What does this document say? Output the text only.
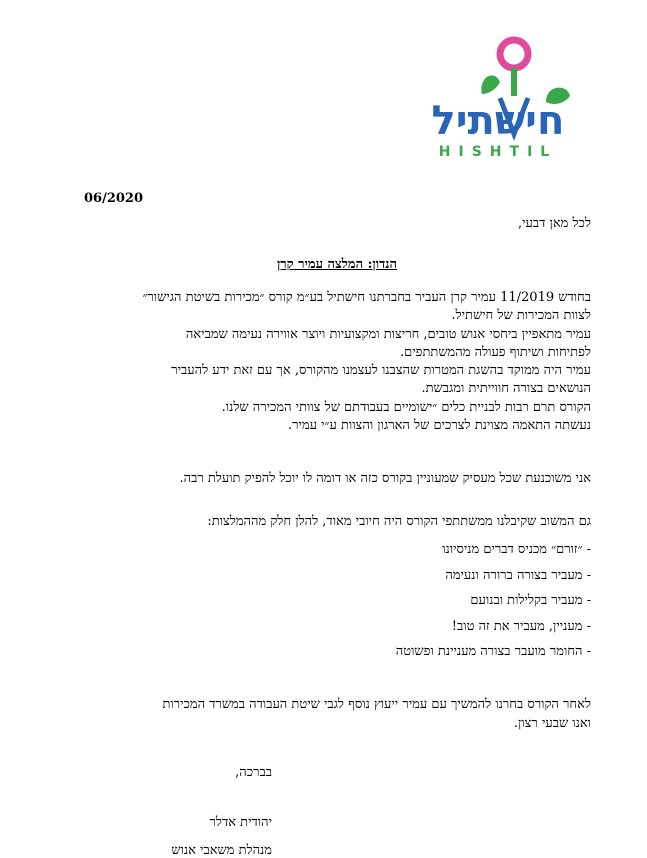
חישתיל
HISHTIL
06/2020
לכל מאן דבעי,
הנדון: המלצה עמיר קרן
בחודש 11/2019 עמיר קרן העביר בחברתנו חישתיל בע״מ קורס ״מכירות בשיטת הגישור״
לצוות המכירות של חישתיל.
עמיר מתאפיין ביחסי אנוש טובים, חריצות ומקצועיות ויוצר אווירה נעימה שמביאה
לפתיחות ושיתוף פעולה מהמשתתפים.
עמיר היה ממוקד בהשגת המטרות שהצבנו לעצמנו מהקורס, אך עם זאת ידע להעביר
הנושאים בצורה חווייתית ומגבשת.
הקורס תרם רבות לבניית כלים ״ישומיים בעבודתם של צוותי המכירה שלנו.
נעשתה התאמה מצוינת לצרכים של הארגון והצוות ע״י עמיר.
אני משוכנעת שכל מעסיק שמעוניין בקורס כזה או דומה לו יוכל להפיק תועלת רבה.
גם המשוב שקיבלנו ממשתתפי הקורס היה חיובי מאוד, להלן חלק מההמלצות:
- ״זורם״ מכניס דברים מניסיונו
- מעביר בצורה ברורה ונעימה
- מעביר בקלילות ובנועם
- מעניין, מעביר את זה טוב!
- החומר מועבר בצורה מעניינת ופשוטה
לאחר הקורס בחרנו להמשיך עם עמיר ייעוץ נוסף לגבי שיטת העבודה במשרד המכירות
ואנו שבעי רצון.
בברכה,
יהודית אדלר
מנהלת משאבי אנוש
